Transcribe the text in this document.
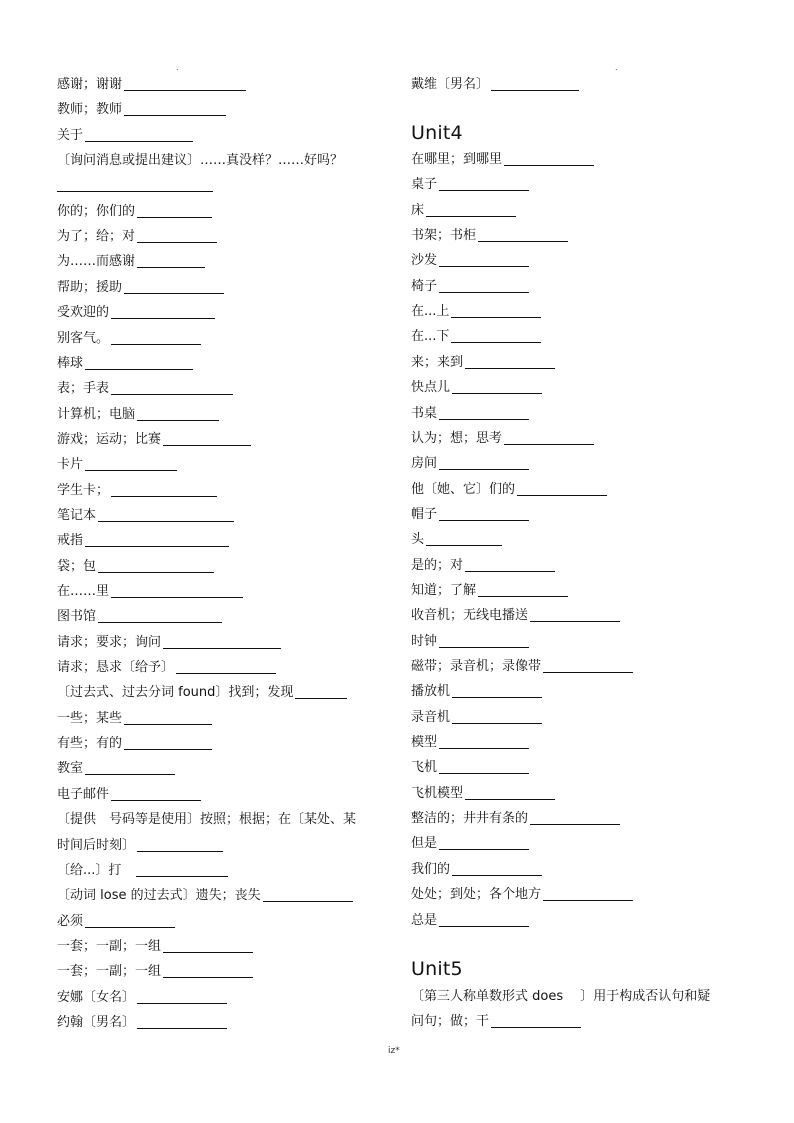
.	.
感谢；谢谢
教师；教师
关于
〔询问消息或提出建议〕……真没样？……好吗？
你的；你们的
为了；给；对
为……而感谢
帮助；援助
受欢迎的
别客气。
棒球
表；手表
计算机；电脑
游戏；运动；比赛
卡片
学生卡；
笔记本
戒指
袋；包
在……里
图书馆
请求；要求；询问
请求；恳求〔给予〕
〔过去式、过去分词 found〕找到；发现
一些；某些
有些；有的
教室
电子邮件
〔提供　号码等是使用〕按照；根据；在〔某处、某
时间后时刻〕
〔给...〕打　
〔动词 lose 的过去式〕遗失；丧失
必须
一套；一副；一组
一套；一副；一组
安娜〔女名〕
约翰〔男名〕
戴维〔男名〕
Unit4
在哪里；到哪里
桌子
床
书架；书柜
沙发
椅子
在...上
在...下
来；来到
快点儿
书桌
认为；想；思考
房间
他〔她、它〕们的
帽子
头
是的；对
知道；了解
收音机；无线电播送
时钟
磁带；录音机；录像带
播放机
录音机
模型
飞机
飞机模型
整洁的；井井有条的
但是
我们的
处处；到处；各个地方
总是
Unit5
〔第三人称单数形式 does　 〕用于构成否认句和疑
问句；做；干
iz*
